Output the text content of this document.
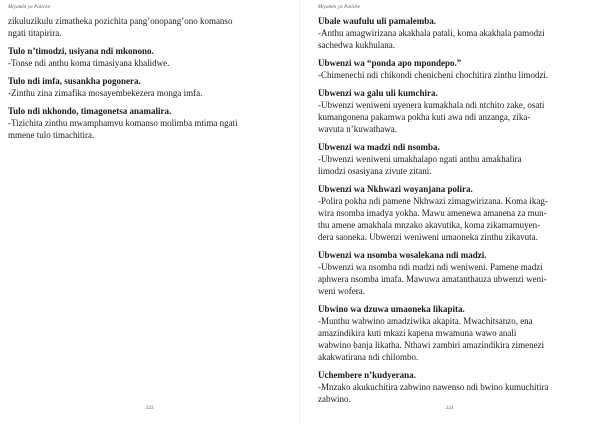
Miyambi ya Patiche

zikuluzikulu zimatheka pozichita pang’onopang’ono komanso

ngati titapirira.

Tulo n’timodzi, usiyana ndi mkonono.

-Tonse ndi anthu koma timasiyana khalidwe.

Tulo ndi imfa, susankha pogonera.

-Zinthu zina zimafika mosayembekezera monga imfa.

Tulo ndi nkhondo, timagonetsa anamalira.

-Tizichita zinthu mwamphamvu komanso molimba mtima ngati

mmene tulo timachitira.

223
Miyambi ya Patiche

Ubale waufulu uli pamalemba.

-Anthu amagwirizana akakhala patali, koma akakhala pamodzi

sachedwa kukhulana.

Ubwenzi wa “ponda apo mpondepo.”

-Chimenechi ndi chikondi chenicheni chochitira zinthu limodzi.

Ubwenzi wa galu uli kumchira.

-Ubwenzi weniweni uyenera kumakhala ndi ntchito zake, osati

kumangonena pakamwa pokha kuti awa ndi anzanga, zika-

wavuta n’kuwathawa.

Ubwenzi wa madzi ndi nsomba.

-Ubwenzi weniweni umakhalapo ngati anthu amakhalira

limodzi osasiyana zivute zitani.

Ubwenzi wa Nkhwazi woyanjana polira.

-Polira pokha ndi pamene Nkhwazi zimagwirizana. Koma ikag-

wira nsomba imadya yokha. Mawu amenewa amanena za mun-

thu amene amakhala mnzako akavutika, koma zikamamuyen-

dera saoneka. Ubwenzi weniweni umaoneka zinthu zikavuta.

Ubwenzi wa nsomba wosalekana ndi madzi.

-Ubwenzi wa nsomba ndi madzi ndi weniweni. Pamene madzi

aphwera nsomba imafa. Mawuwa amatanthauza ubwenzi weni-

weni wofera.

Ubwino wa dzuwa umaoneka likapita.

-Munthu wabwino amadziwika akapita. Mwachitsanzo, ena

amazindikira kuti mkazi kapena mwamuna wawo anali

wabwino banja likatha. Nthawi zambiri amazindikira zimenezi

akakwatirana ndi chilombo.

Uchembere n’kudyerana.

-Mnzako akukuchitira zabwino nawenso ndi bwino kumuchitira

zabwino.

224
